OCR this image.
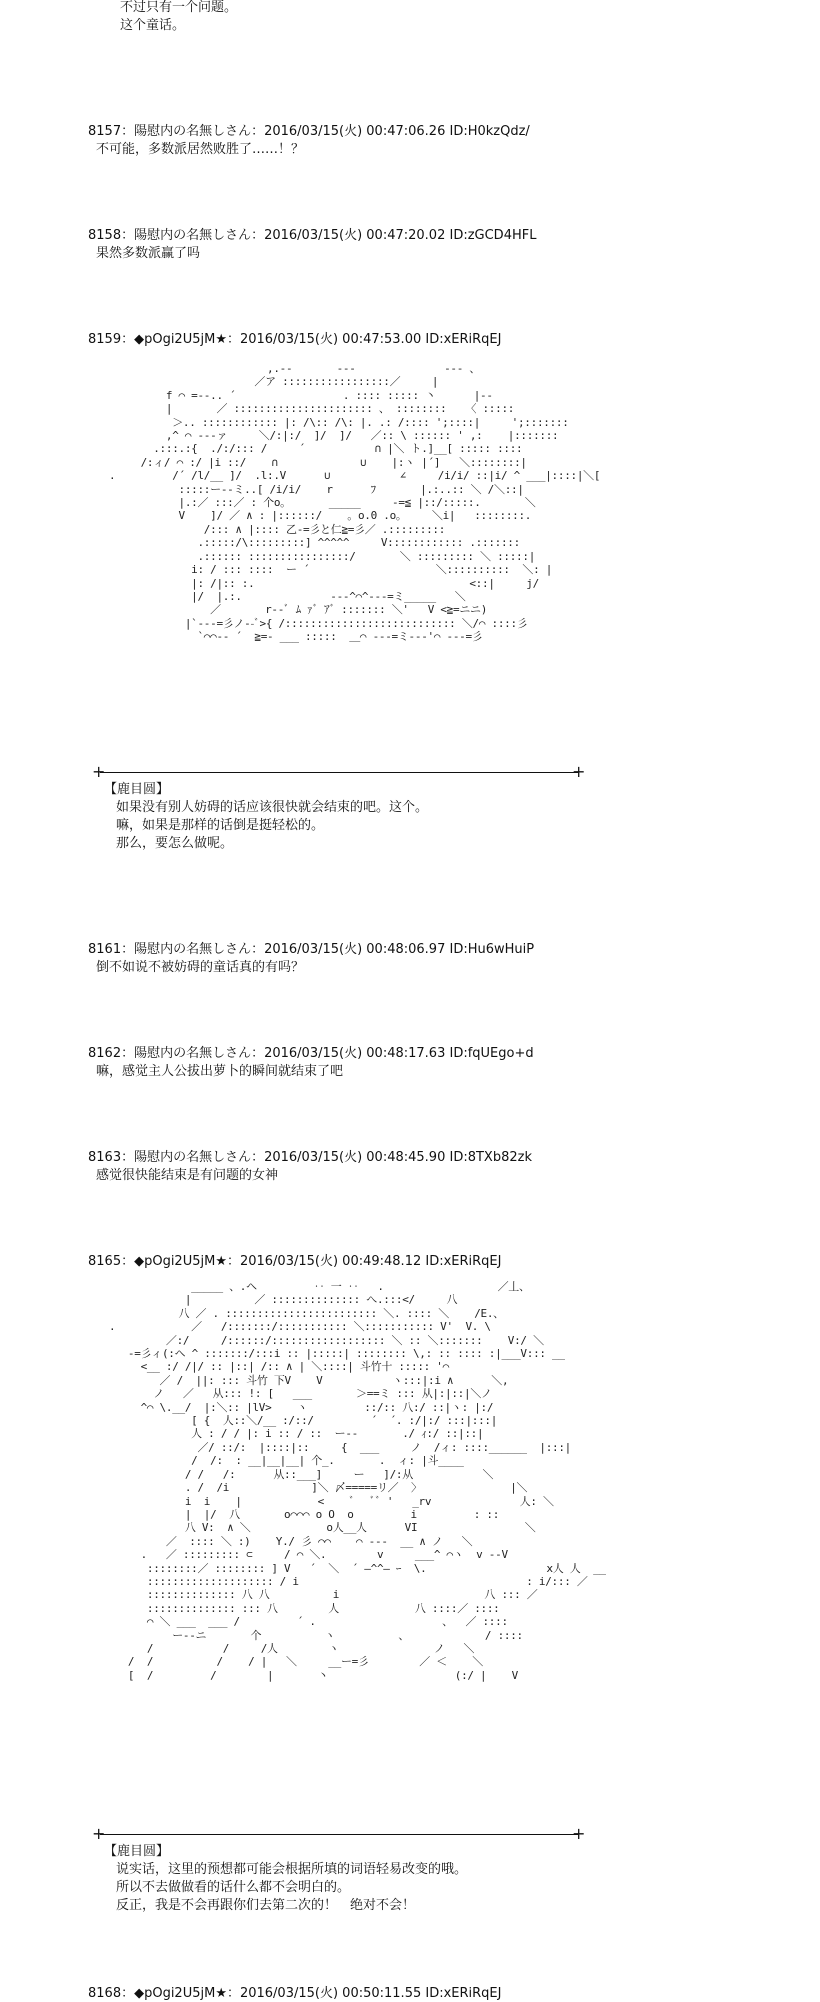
不过只有一个问题。
这个童话。
8157：陽慰内の名無しさん：2016/03/15(火) 00:47:06.26 ID:H0kzQdz/
不可能，多数派居然败胜了……！？
8158：陽慰内の名無しさん：2016/03/15(火) 00:47:20.02 ID:zGCD4HFL
果然多数派赢了吗
8159：◆pOgi2U5jM★：2016/03/15(火) 00:47:53.00 ID:xERiRqEJ
,.--       ---              --- 、
／ア :::::::::::::::::／     |
f ⌒ =--.. ´                 . :::: ::::: 丶      |--
|       ／ :::::::::::::::::::::: 、 ::::::::   〈 :::::
＞.. :::::::::::: |: /\:: /\: |. .: /:::: ';::::|     ';:::::::
,^ ⌒ ---ァ     ＼/:|:/  ]/  ]/   ／:: \ :::::: ' ,:    |:::::::
.:::.:{  ./:/::: /     ´           ∩ |＼ ト.]__[ ::::: ::::
/:ィ/ ⌒ :/ |i ::/    ∩             ∪    |:ヽ |´]   ＼::::::::|
.         /´ /l/__ ]/  .l:.V      ∪           ∠     /i/i/ ::|i/ ^ ___|::::|＼[
:::::ー--ミ..[ /i/i/    r      ﾌ       |.:..:: ＼ /＼::|
|.:／ :::／ : 个o。      _____     -=≦ |::/:::::.       ＼
V    ]/ ／ ∧ : |::::::/    。o.0 .o。    ＼i|   ::::::::.
/::: ∧ |:::: 乙-=彡と仁≧=彡／ .:::::::::
.:::::/\:::::::::] ^^^^^     V:::::::::::: .:::::::
.:::::: ::::::::::::::::/       ＼ ::::::::: ＼ :::::|
i: / ::: ::::  ー ´                    ＼::::::::::  ＼: |
|: /|:: :.                                  <::|     j/
|/  |.:.              ---^⌒^---=ミ_____   ＼
／       r--ﾞ ﾑ ｧﾞ ｱﾞ ::::::: ＼'   V <≧=ニニ)
|`---=彡ノ--ﾞ>{ /::::::::::::::::::::::::::: ＼/⌒ ::::彡
`⌒⌒-- ´  ≧=- ___ :::::  ＿⌒ ---=ミ---'⌒ ---=彡
+	+
【鹿目圆】
如果没有别人妨碍的话应该很快就会结束的吧。这个。
嘛，如果是那样的话倒是挺轻松的。
那么，要怎么做呢。
8161：陽慰内の名無しさん：2016/03/15(火) 00:48:06.97 ID:Hu6wHuiP
倒不如说不被妨碍的童话真的有吗？
8162：陽慰内の名無しさん：2016/03/15(火) 00:48:17.63 ID:fqUEgo+d
嘛，感觉主人公拔出萝卜的瞬间就结束了吧
8163：陽慰内の名無しさん：2016/03/15(火) 00:48:45.90 ID:8TXb82zk
感觉很快能结束是有问题的女神
8165：◆pOgi2U5jM★：2016/03/15(火) 00:49:48.12 ID:xERiRqEJ
_____ 、.ヘ         ‥ 一 ‥   .                  ／丄、
|          ／ :::::::::::::: へ.:::</     八
八 ／ . :::::::::::::::::::::::: ＼. :::: ＼    /E.、
.            ／   /:::::::/::::::::::: ＼::::::::::: V'  V. \
／:/     /::::::/:::::::::::::::::: ＼ :: ＼:::::::    V:/ ＼
-=彡ィ(:ヘ ^ :::::::/:::i :: |:::::| :::::::: \,: :: :::: :|___V::: __
<__ :/ /|/ :: |::| /:: ∧ | ＼::::| 斗竹十 ::::: '⌒
／ /  ||: ::: 斗竹 下V    V           ヽ:::|:i ∧      ＼,
ノ   ／   从::: !: [   ___       ＞==ミ ::: 从|:|::|＼ノ
^⌒ \.__/  |:＼:: |lV>    ヽ         ::/:: 八:/ ::|ヽ: |:/
[ {  人::＼/__ :/::/         ´  ´. :/|:/ :::|:::|
人 : / / |: i :: / ::  ー--       ./ ｨ:/ ::|::|
／/ ::/:  |::::|::     {  ___     ノ  /ィ: ::::______  |:::|
/  /:  : __|__|__| 个_.       .  ィ: |斗____
/ /   /:      从::___]     ー   ]/:从           ＼
. /  /i             ]＼ 〆=====リ／  〉              |＼
i  i    |            <    ﾞ   ﾞﾞ '   _rv              人: ＼
|  |/  八       o⌒⌒⌒ o O  o         i         : ::
八 V:  ∧ ＼            o人__人      VI                 ＼
／  :::: ＼ :)    Y./ 彡 ⌒⌒    ⌒ ---  __ ∧ ノ   ＼
.   ／ ::::::::: ⊂     / ⌒ ＼.        v     ___^ ⌒ヽ  v --V
::::::::／ :::::::: ] V   ´  ＼  ´ ‒^^‒ ｰ  \.                   ⅹ人 人  __
:::::::::::::::::::: / i                                    : i/::: ／
:::::::::::::: 八 八          i                       八 ::: ／
:::::::::::::: ::: 八        人            八 ::::／ ::::
⌒ ＼ ___  ___ /         ´ .                    、  ／ ::::
ー--ニ       个          ヽ          、            / ::::
/           /     /人        ヽ               ノ   ＼
/  /          /    / |   ＼     __ー=彡        ／ ＜    ＼
[  /         /        |       丶                    (:/ |    V
+	+
【鹿目圆】
说实话，这里的预想都可能会根据所填的词语轻易改变的哦。
所以不去做做看的话什么都不会明白的。
反正，我是不会再跟你们去第二次的！　绝对不会！
8168：◆pOgi2U5jM★：2016/03/15(火) 00:50:11.55 ID:xERiRqEJ
